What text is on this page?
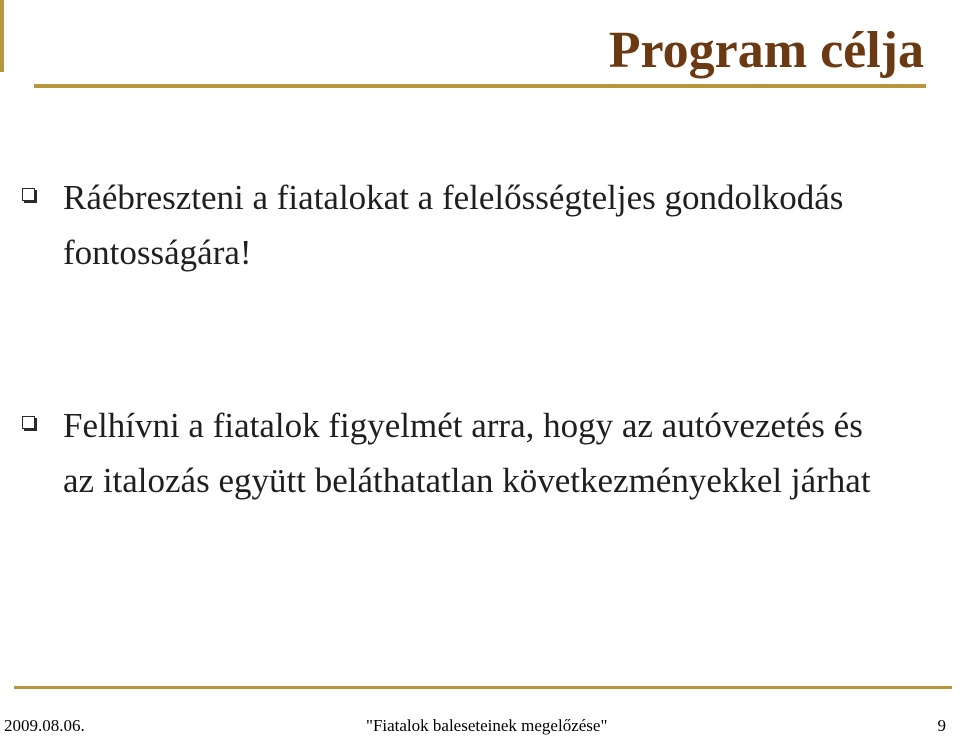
Program célja

Ráébreszteni a fiatalokat a felelősségteljes gondolkodás fontosságára!

Felhívni a fiatalok figyelmét arra, hogy az autóvezetés és az italozás együtt beláthatatlan következményekkel járhat

2009.08.06.	"Fiatalok baleseteinek megelőzése"	9
